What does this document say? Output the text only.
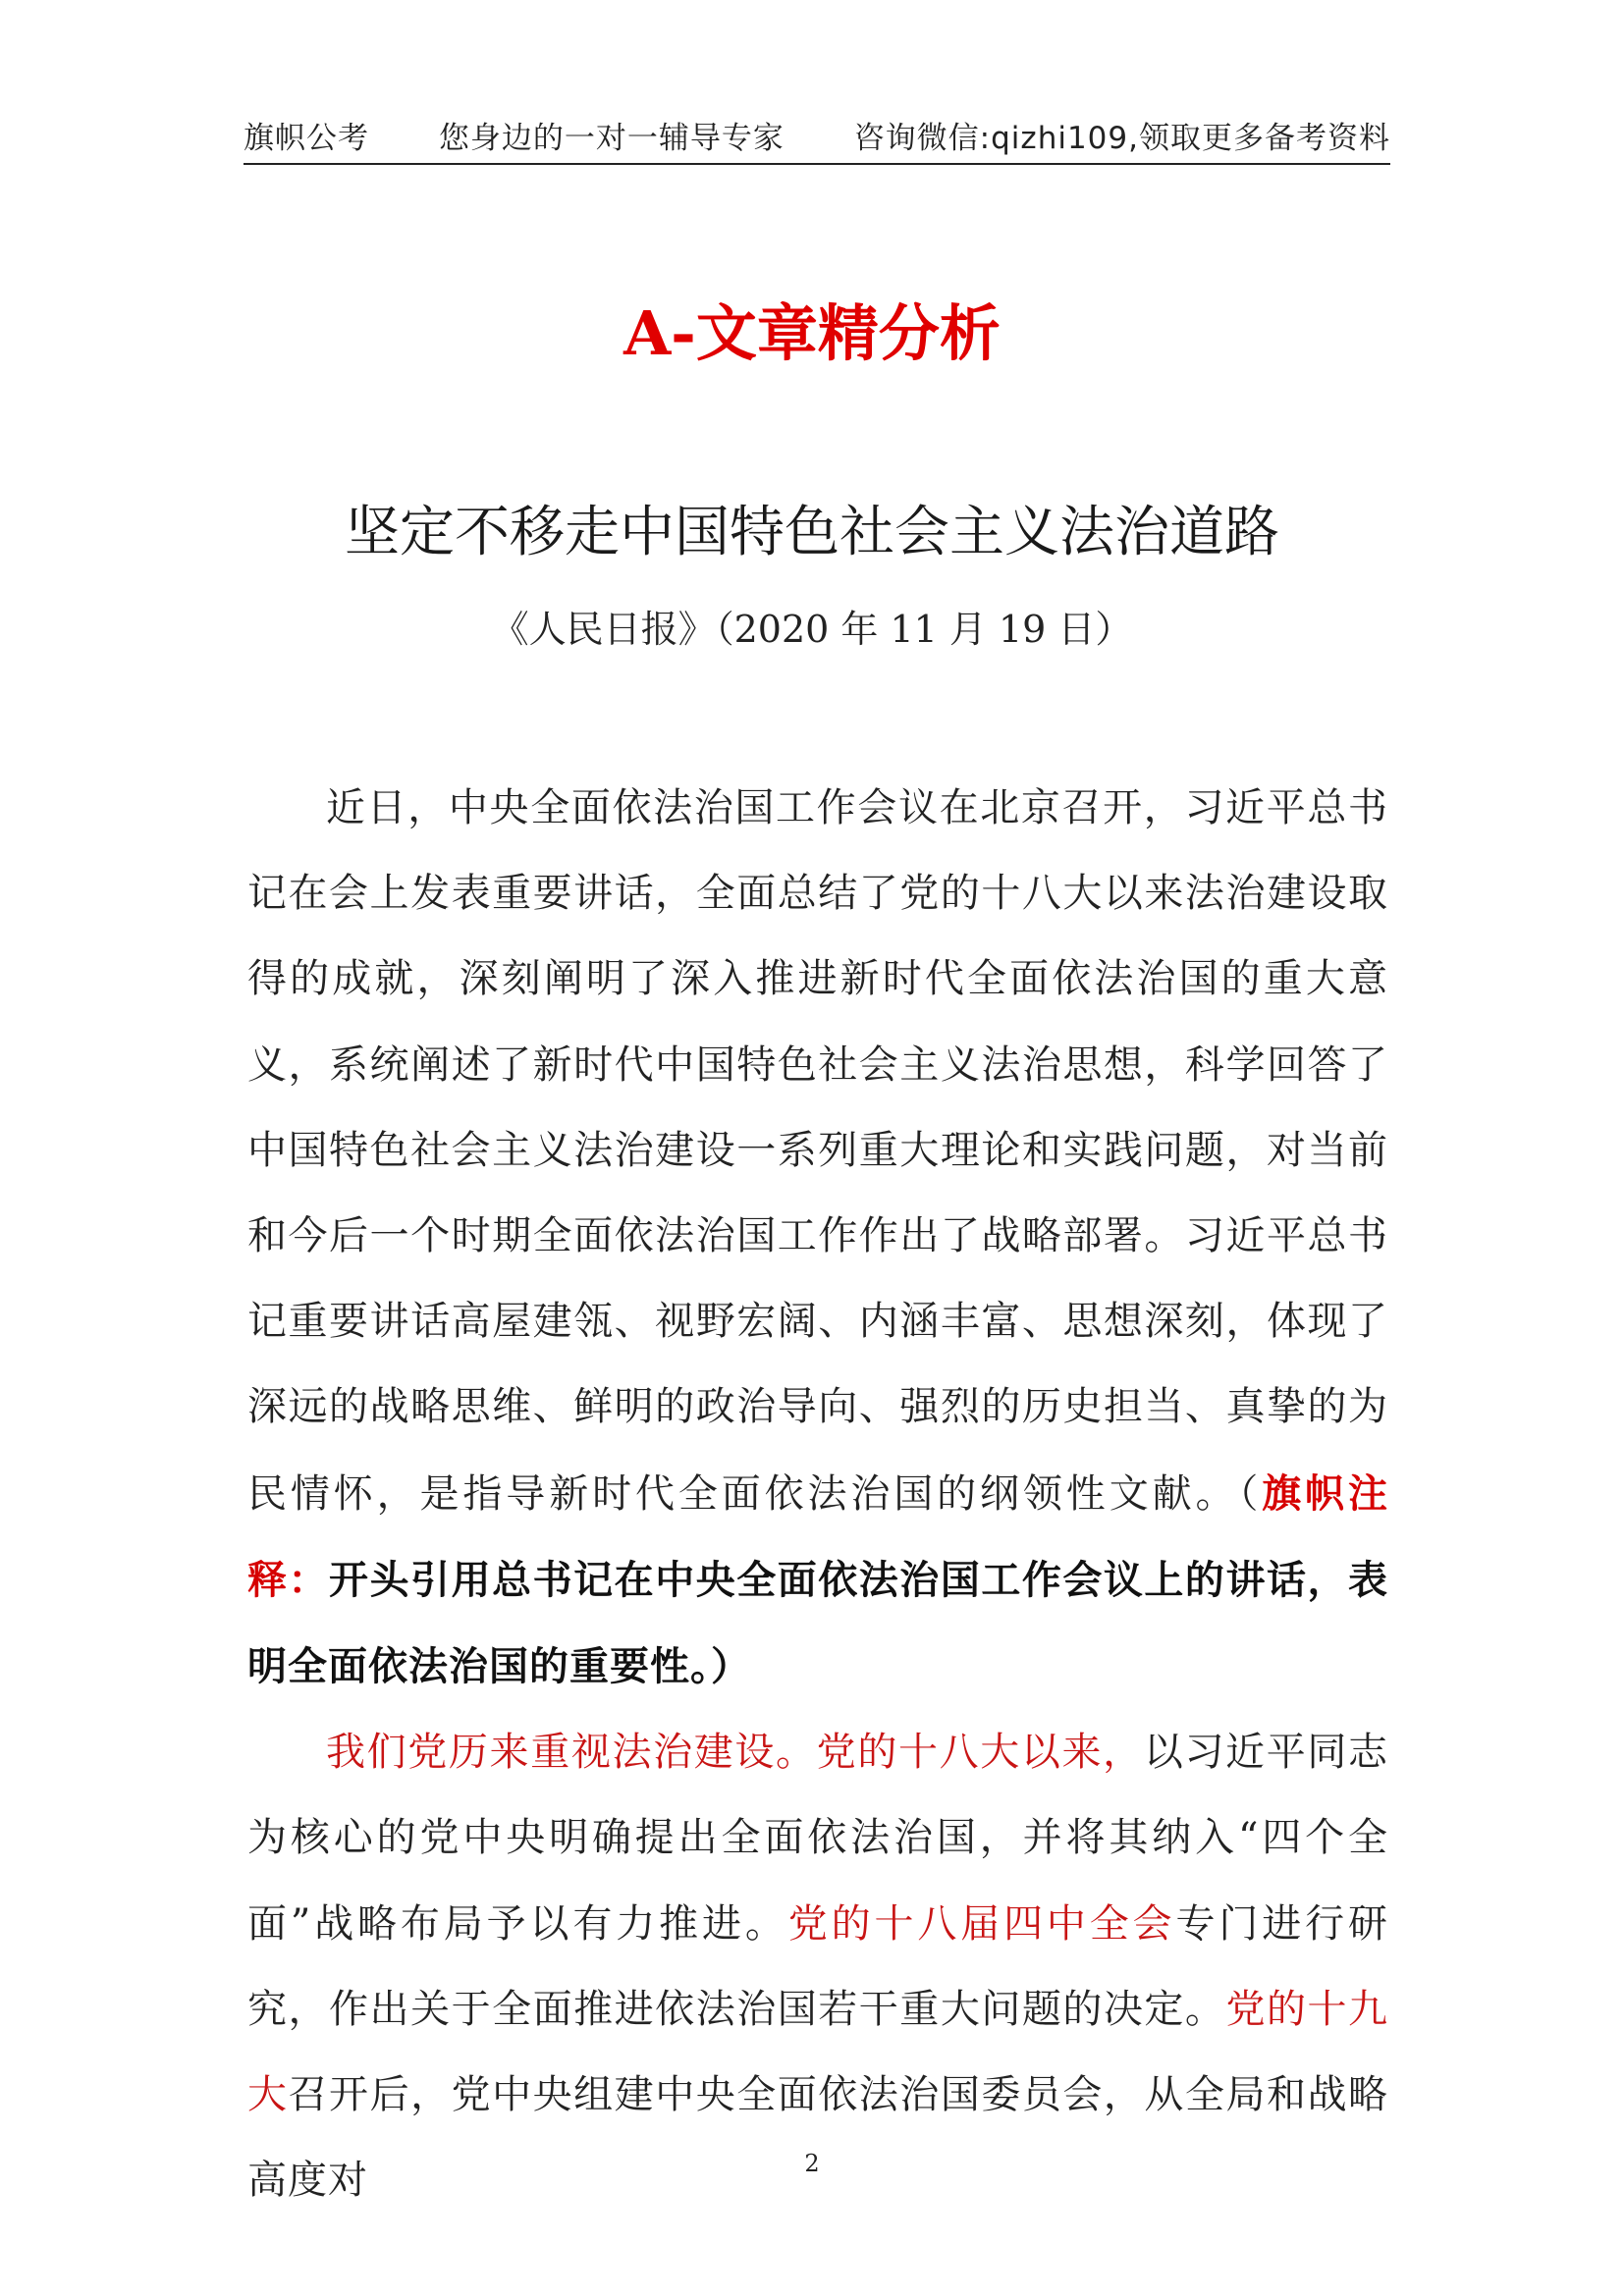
旗帜公考 您身边的一对一辅导专家 咨询微信:qizhi109,领取更多备考资料
A-文章精分析
坚定不移走中国特色社会主义法治道路
《人民日报》（2020 年 11 月 19 日）

近日，中央全面依法治国工作会议在北京召开，习近平总书记在会上发表重要讲话，全面总结了党的十八大以来法治建设取得的成就，深刻阐明了深入推进新时代全面依法治国的重大意义，系统阐述了新时代中国特色社会主义法治思想，科学回答了中国特色社会主义法治建设一系列重大理论和实践问题，对当前和今后一个时期全面依法治国工作作出了战略部署。习近平总书记重要讲话高屋建瓴、视野宏阔、内涵丰富、思想深刻，体现了深远的战略思维、鲜明的政治导向、强烈的历史担当、真挚的为民情怀，是指导新时代全面依法治国的纲领性文献。（旗帜注释：开头引用总书记在中央全面依法治国工作会议上的讲话，表明全面依法治国的重要性。）

我们党历来重视法治建设。党的十八大以来，以习近平同志为核心的党中央明确提出全面依法治国，并将其纳入“四个全面”战略布局予以有力推进。党的十八届四中全会专门进行研究，作出关于全面推进依法治国若干重大问题的决定。党的十九大召开后，党中央组建中央全面依法治国委员会，从全局和战略高度对	2
